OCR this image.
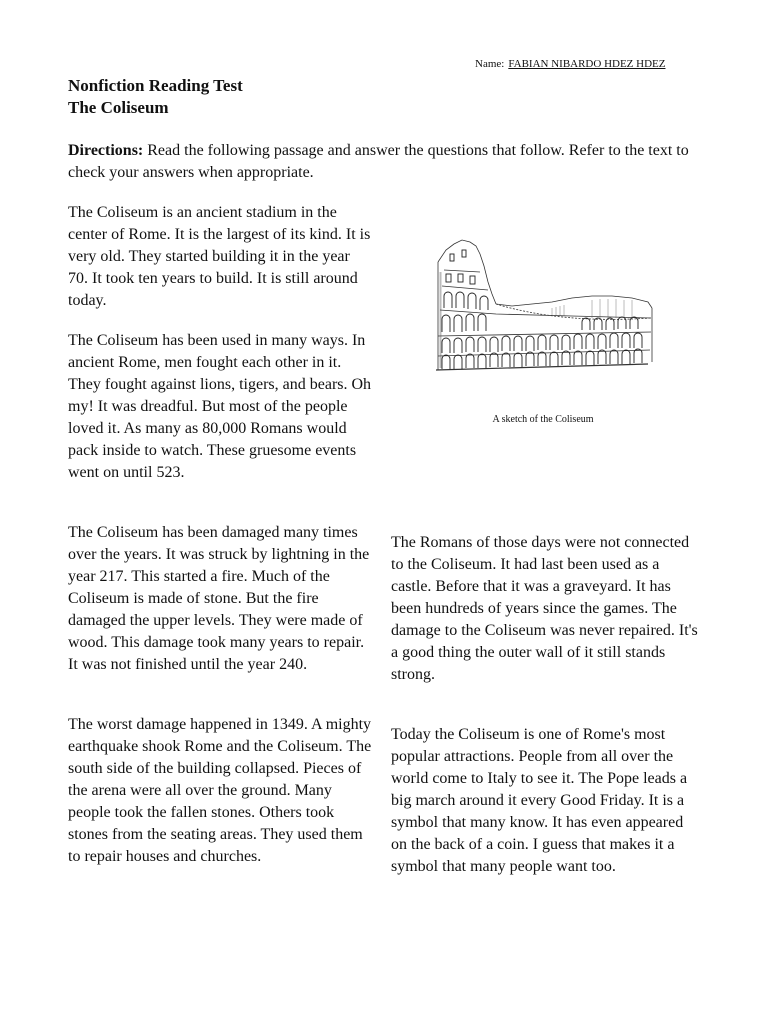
Name: FABIAN NIBARDO HDEZ HDEZ
Nonfiction Reading Test
The Coliseum
Directions: Read the following passage and answer the questions that follow. Refer to the text to check your answers when appropriate.

The Coliseum is an ancient stadium in the center of Rome. It is the largest of its kind. It is very old. They started building it in the year 70. It took ten years to build. It is still around today.

The Coliseum has been used in many ways. In ancient Rome, men fought each other in it. They fought against lions, tigers, and bears. Oh my! It was dreadful. But most of the people loved it. As many as 80,000 Romans would pack inside to watch. These gruesome events went on until 523.

The Coliseum has been damaged many times over the years. It was struck by lightning in the year 217. This started a fire. Much of the Coliseum is made of stone. But the fire damaged the upper levels. They were made of wood. This damage took many years to repair. It was not finished until the year 240.

The worst damage happened in 1349. A mighty earthquake shook Rome and the Coliseum. The south side of the building collapsed. Pieces of the arena were all over the ground. Many people took the fallen stones. Others took stones from the seating areas. They used them to repair houses and churches.

The Romans of those days were not connected to the Coliseum. It had last been used as a castle. Before that it was a graveyard. It has been hundreds of years since the games. The damage to the Coliseum was never repaired. It's a good thing the outer wall of it still stands strong.

Today the Coliseum is one of Rome's most popular attractions. People from all over the world come to Italy to see it. The Pope leads a big march around it every Good Friday. It is a symbol that many know. It has even appeared on the back of a coin. I guess that makes it a symbol that many people want too.

A sketch of the Coliseum
